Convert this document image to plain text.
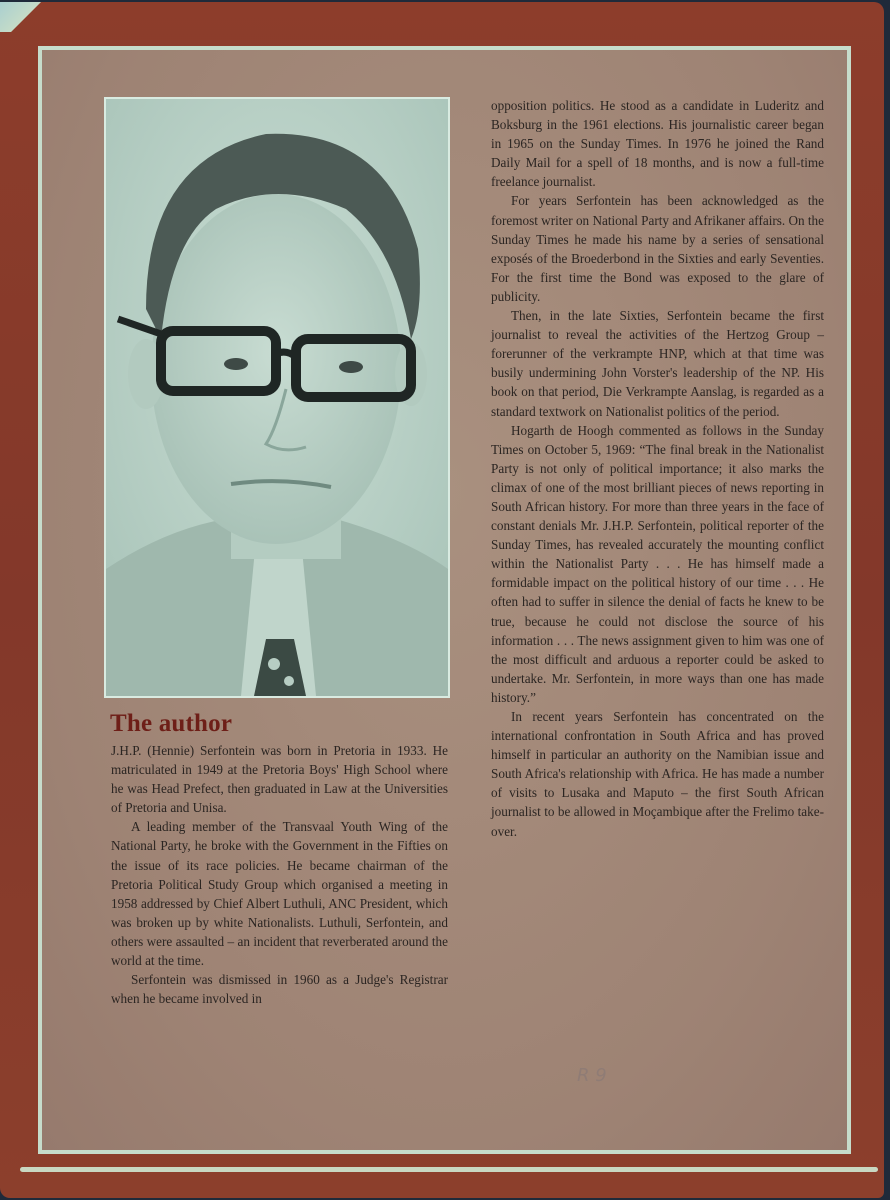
The author

J.H.P. (Hennie) Serfontein was born in Pretoria in 1933. He matriculated in 1949 at the Pretoria Boys' High School where he was Head Prefect, then graduated in Law at the Universities of Pretoria and Unisa.

A leading member of the Transvaal Youth Wing of the National Party, he broke with the Government in the Fifties on the issue of its race policies. He became chairman of the Pretoria Political Study Group which organised a meeting in 1958 addressed by Chief Albert Luthuli, ANC President, which was broken up by white Nationalists. Luthuli, Serfontein, and others were assaulted – an incident that reverberated around the world at the time.

Serfontein was dismissed in 1960 as a Judge's Registrar when he became involved in

opposition politics. He stood as a candidate in Luderitz and Boksburg in the 1961 elections. His journalistic career began in 1965 on the Sunday Times. In 1976 he joined the Rand Daily Mail for a spell of 18 months, and is now a full-time freelance journalist.

For years Serfontein has been acknowledged as the foremost writer on National Party and Afrikaner affairs. On the Sunday Times he made his name by a series of sensational exposés of the Broederbond in the Sixties and early Seventies. For the first time the Bond was exposed to the glare of publicity.

Then, in the late Sixties, Serfontein became the first journalist to reveal the activities of the Hertzog Group – forerunner of the verkrampte HNP, which at that time was busily undermining John Vorster's leadership of the NP. His book on that period, Die Verkrampte Aanslag, is regarded as a standard textwork on Nationalist politics of the period.

Hogarth de Hoogh commented as follows in the Sunday Times on October 5, 1969: “The final break in the Nationalist Party is not only of political importance; it also marks the climax of one of the most brilliant pieces of news reporting in South African history. For more than three years in the face of constant denials Mr. J.H.P. Serfontein, political reporter of the Sunday Times, has revealed accurately the mounting conflict within the Nationalist Party . . . He has himself made a formidable impact on the political history of our time . . . He often had to suffer in silence the denial of facts he knew to be true, because he could not disclose the source of his information . . . The news assignment given to him was one of the most difficult and arduous a reporter could be asked to undertake. Mr. Serfontein, in more ways than one has made history.”

In recent years Serfontein has concentrated on the international confrontation in South Africa and has proved himself in particular an authority on the Namibian issue and South Africa's relationship with Africa. He has made a number of visits to Lusaka and Maputo – the first South African journalist to be allowed in Moçambique after the Frelimo take-over.

R 9
